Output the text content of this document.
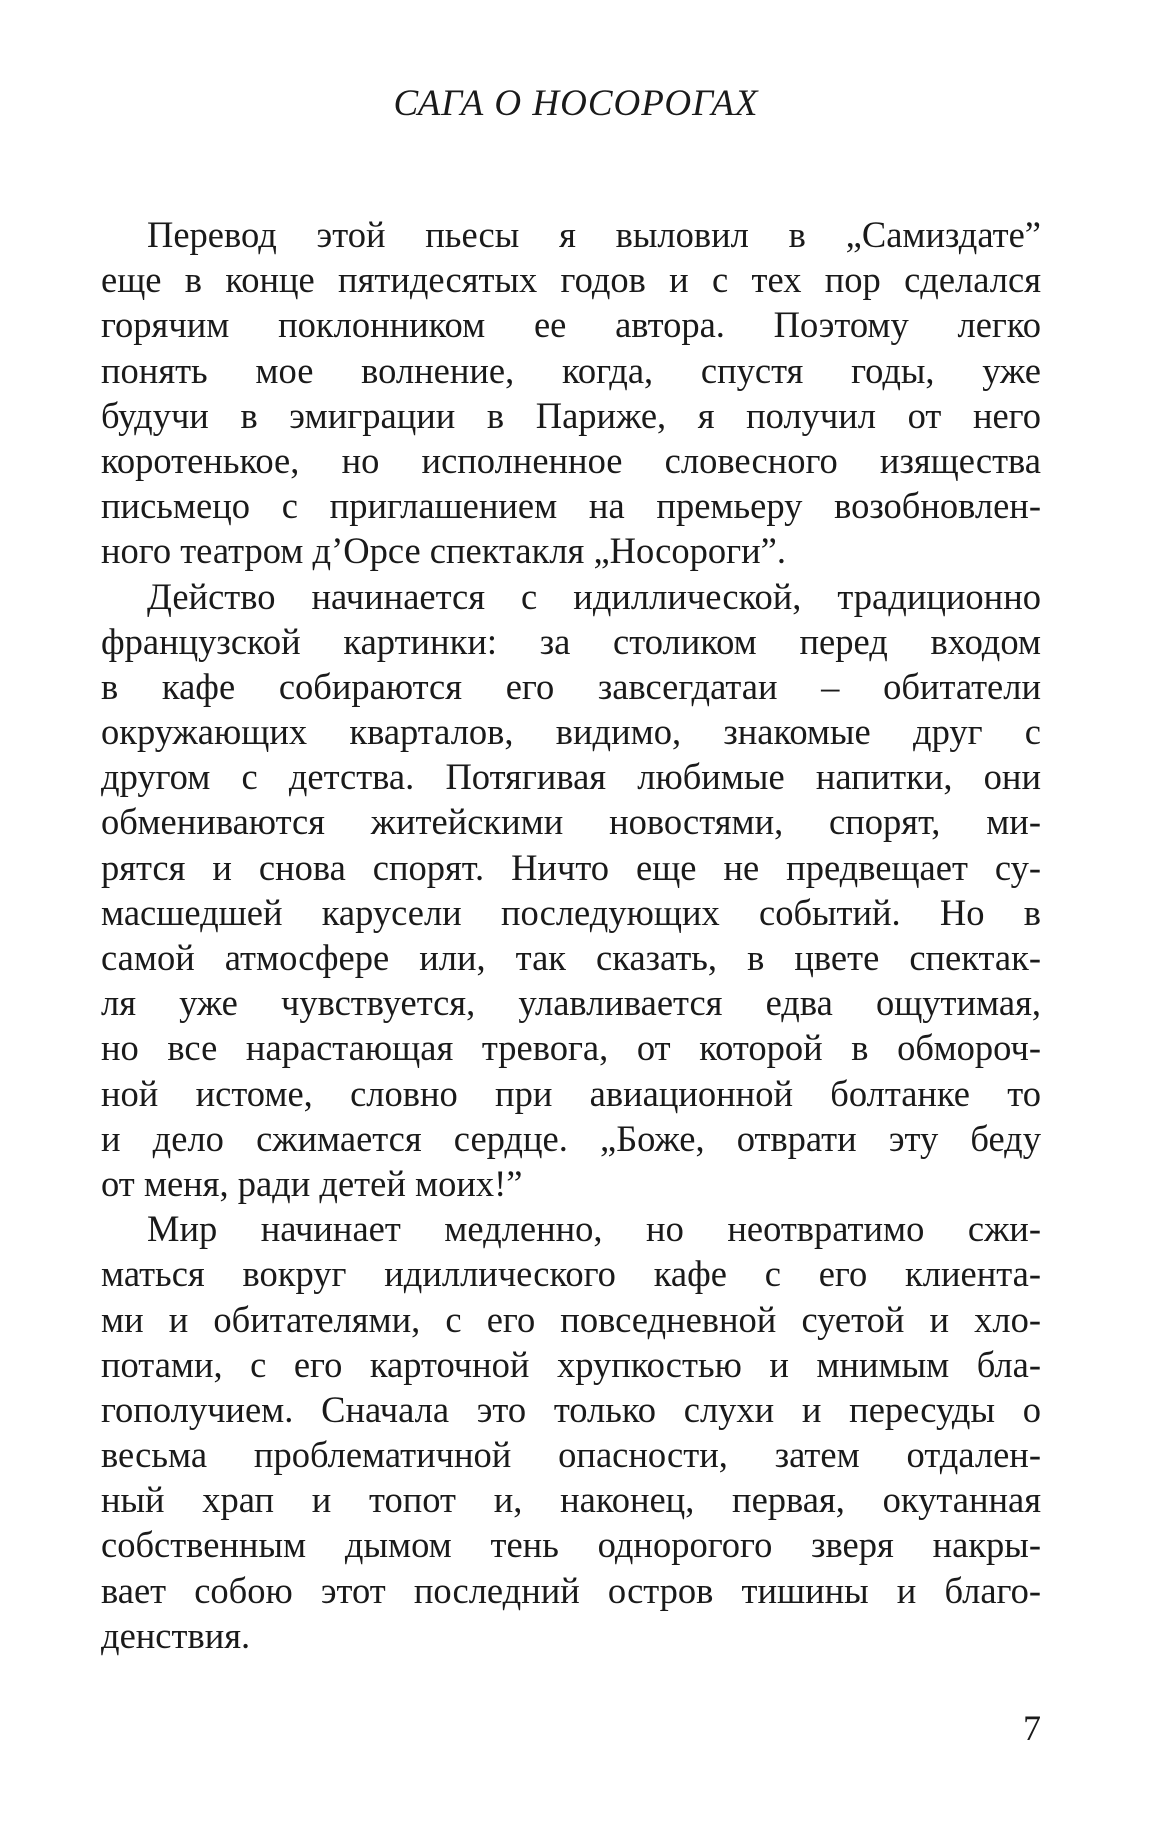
САГА О НОСОРОГАХ
Перевод этой пьесы я выловил в „Самиздате”
еще в конце пятидесятых годов и с тех пор сделался
горячим поклонником ее автора. Поэтому легко
понять мое волнение, когда, спустя годы, уже
будучи в эмиграции в Париже, я получил от него
коротенькое, но исполненное словесного изящества
письмецо с приглашением на премьеру возобновлен-
ного театром д’Орсе спектакля „Носороги”.
Действо начинается с идиллической, традиционно
французской картинки: за столиком перед входом
в кафе собираются его завсегдатаи – обитатели
окружающих кварталов, видимо, знакомые друг с
другом с детства. Потягивая любимые напитки, они
обмениваются житейскими новостями, спорят, ми-
рятся и снова спорят. Ничто еще не предвещает су-
масшедшей карусели последующих событий. Но в
самой атмосфере или, так сказать, в цвете спектак-
ля уже чувствуется, улавливается едва ощутимая,
но все нарастающая тревога, от которой в обмороч-
ной истоме, словно при авиационной болтанке то
и дело сжимается сердце. „Боже, отврати эту беду
от меня, ради детей моих!”
Мир начинает медленно, но неотвратимо сжи-
маться вокруг идиллического кафе с его клиента-
ми и обитателями, с его повседневной суетой и хло-
потами, с его карточной хрупкостью и мнимым бла-
гополучием. Сначала это только слухи и пересуды о
весьма проблематичной опасности, затем отдален-
ный храп и топот и, наконец, первая, окутанная
собственным дымом тень однорогого зверя накры-
вает собою этот последний остров тишины и благо-
денствия.
7
